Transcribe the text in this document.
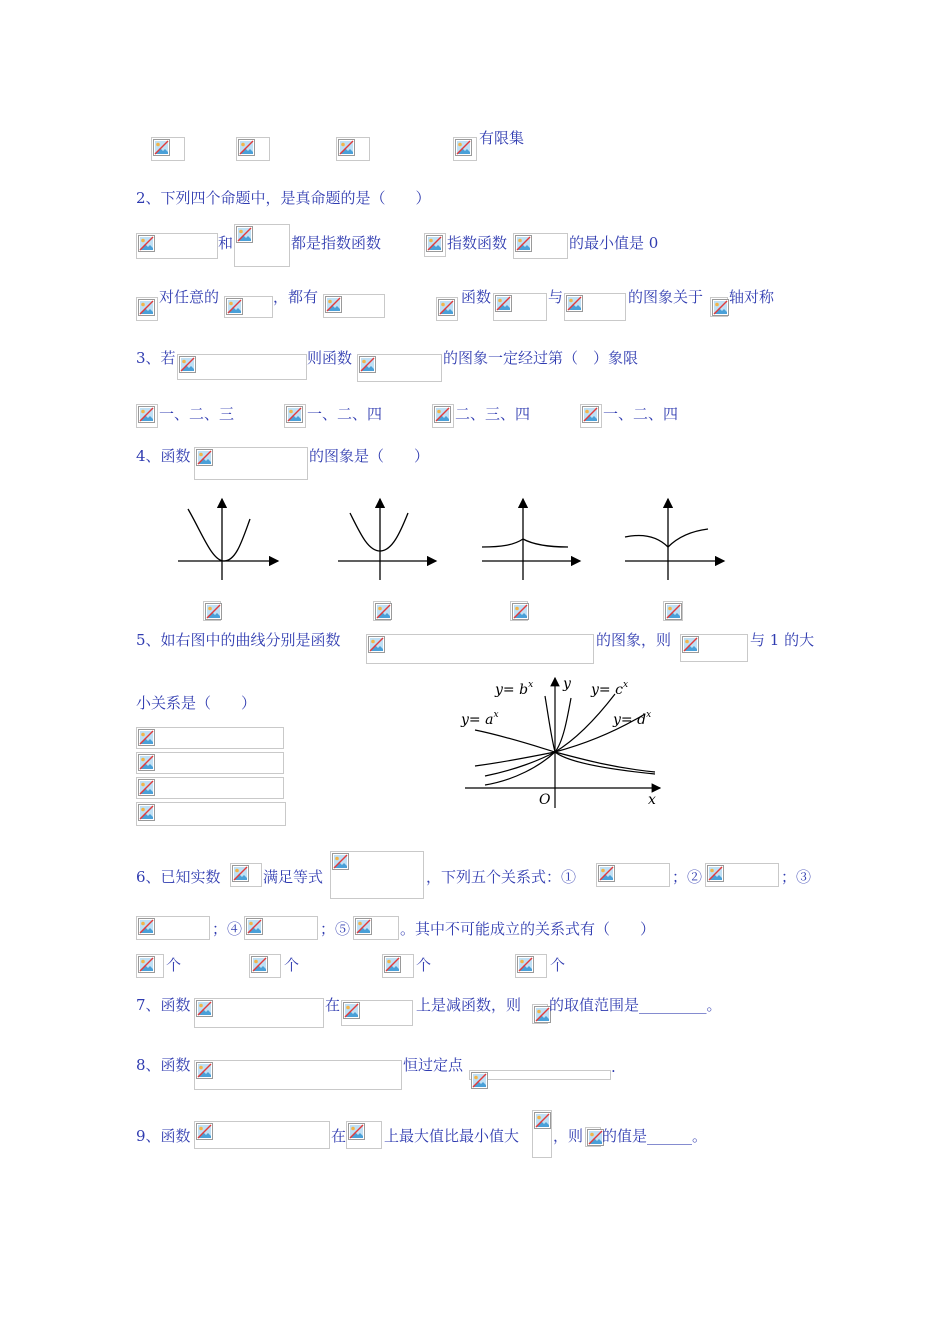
有限集
2、下列四个命题中，是真命题的是（　　）
和	都是指数函数	指数函数	的最小值是 0
对任意的	，都有	函数	与	的图象关于 轴对称
3、若	则函数	的图象一定经过第（　）象限
一、二、三	一、二、四	二、三、四	一、二、四
4、函数	的图象是（　　）
5、如右图中的曲线分别是函数	的图象，则	与 1 的大
小关系是（　　）
$y= b^x$	$y= c^x$
$y= a^x$	$y= d^x$
y
x
O
6、已知实数	满足等式	，下列五个关系式：①	；②	；③
；④	；⑤	。其中不可能成立的关系式有（　　）
个	个	个	个
7、函数	在	上是减函数，则 的取值范围是_________。
8、函数	恒过定点	.
9、函数	在	上最大值比最小值大 ，则 的值是______。
